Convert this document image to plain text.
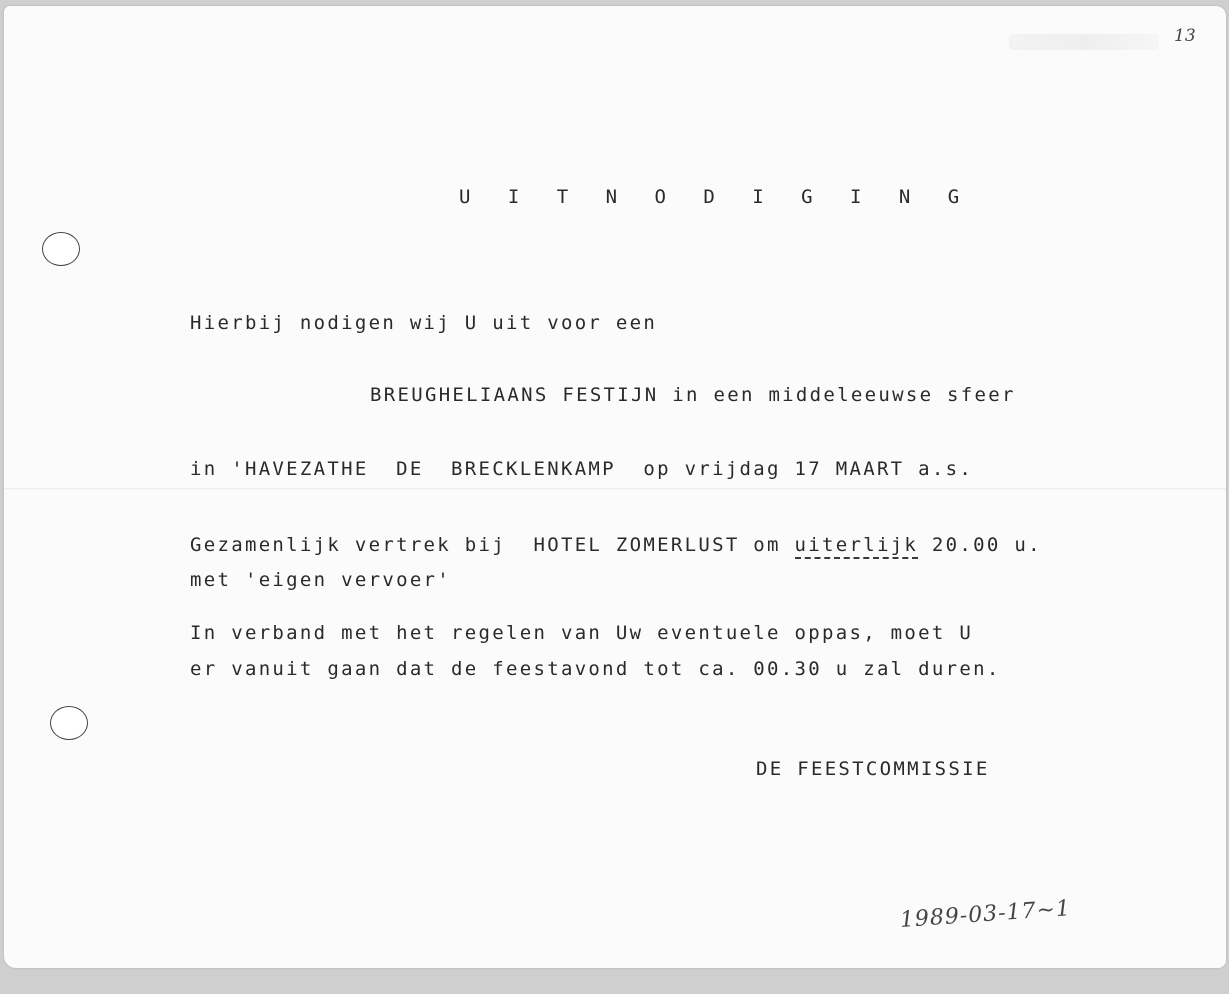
13
U I T N O D I G I N G
Hierbij nodigen wij U uit voor een
BREUGHELIAANS FESTIJN in een middeleeuwse sfeer
in 'HAVEZATHE  DE  BRECKLENKAMP  op vrijdag 17 MAART a.s.
Gezamenlijk vertrek bij  HOTEL ZOMERLUST om uiterlijk 20.00 u.
met 'eigen vervoer'
In verband met het regelen van Uw eventuele oppas, moet U
er vanuit gaan dat de feestavond tot ca. 00.30 u zal duren.
DE FEESTCOMMISSIE
1989-03-17~1
